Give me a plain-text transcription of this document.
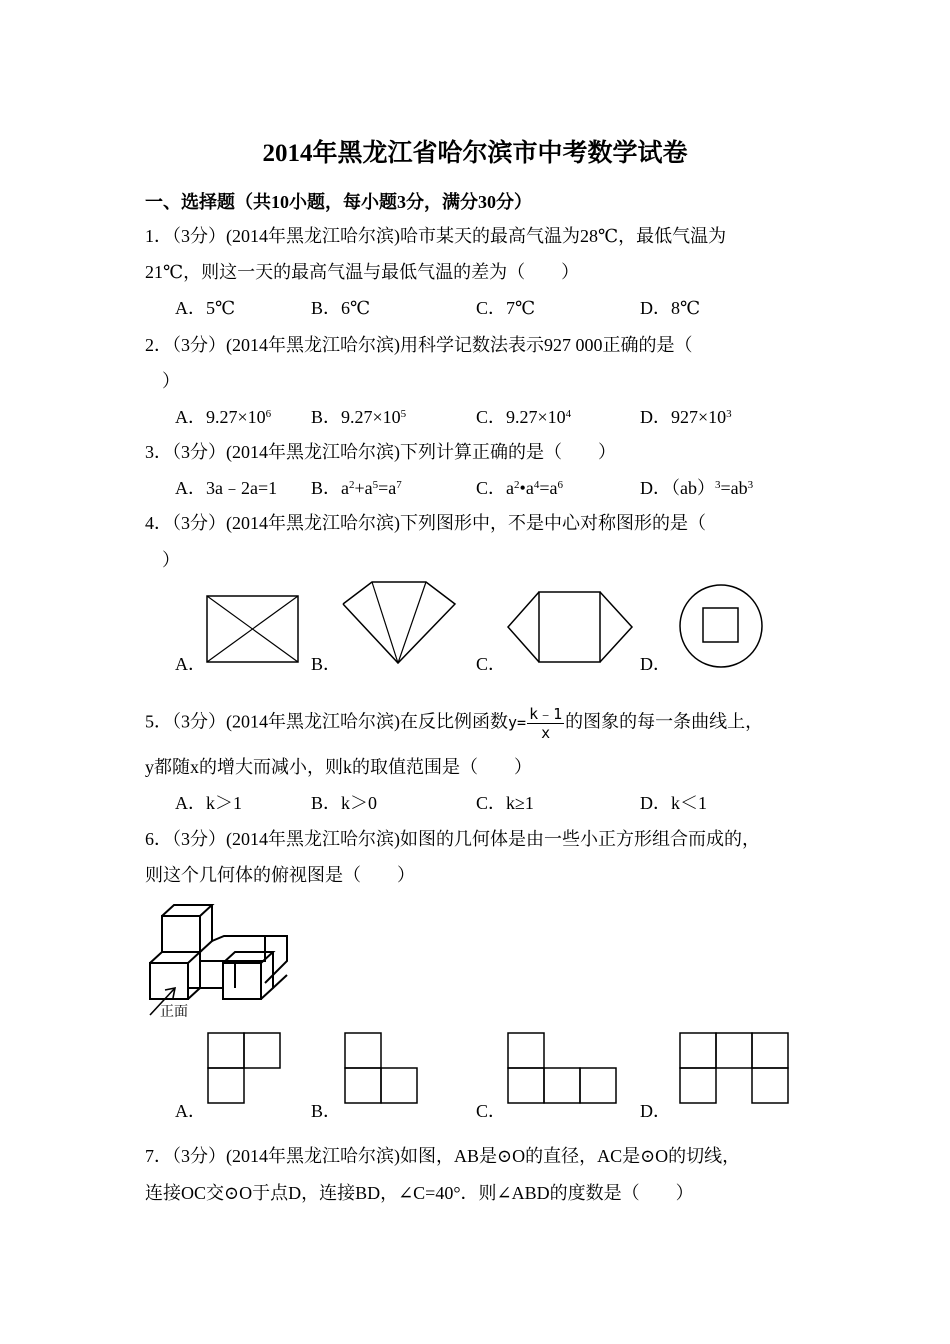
2014年黑龙江省哈尔滨市中考数学试卷
一、选择题（共10小题，每小题3分，满分30分）
1．（3分）(2014年黑龙江哈尔滨)哈市某天的最高气温为28℃，最低气温为
21℃，则这一天的最高气温与最低气温的差为（　　）
A．5℃	B．6℃	C．7℃	D．8℃
2．（3分）(2014年黑龙江哈尔滨)用科学记数法表示927 000正确的是（
）
A．$9.27\times 10^6$ B．$9.27\times 10^5$	C．$9.27\times 10^4$	D．$927\times 10^3$
3．（3分）(2014年黑龙江哈尔滨)下列计算正确的是（　　）
A．3a﹣2a=1 B．$a^2+a^5=a^7$	C．$a^2•a^4=a^6$	D．$(ab)^3=ab^3$
4．（3分）(2014年黑龙江哈尔滨)下列图形中，不是中心对称图形的是（
）
A．	B．	C．	D．
5．（3分）(2014年黑龙江哈尔滨)在反比例函数$y= \frac{k﹣1}{x}$ 的图象的每一条曲线上，
y都随x的增大而减小，则k的取值范围是（　　）
A．k＞1	B．k＞0	C．k≥1	D．k＜1
6．（3分）(2014年黑龙江哈尔滨)如图的几何体是由一些小正方形组合而成的，
则这个几何体的俯视图是（　　）
正面
A．	B．	C．	D．
7．（3分）(2014年黑龙江哈尔滨)如图，AB是⊙O的直径，AC是⊙O的切线，
连接OC交⊙O于点D，连接BD，∠C=40°．则∠ABD的度数是（　　）
